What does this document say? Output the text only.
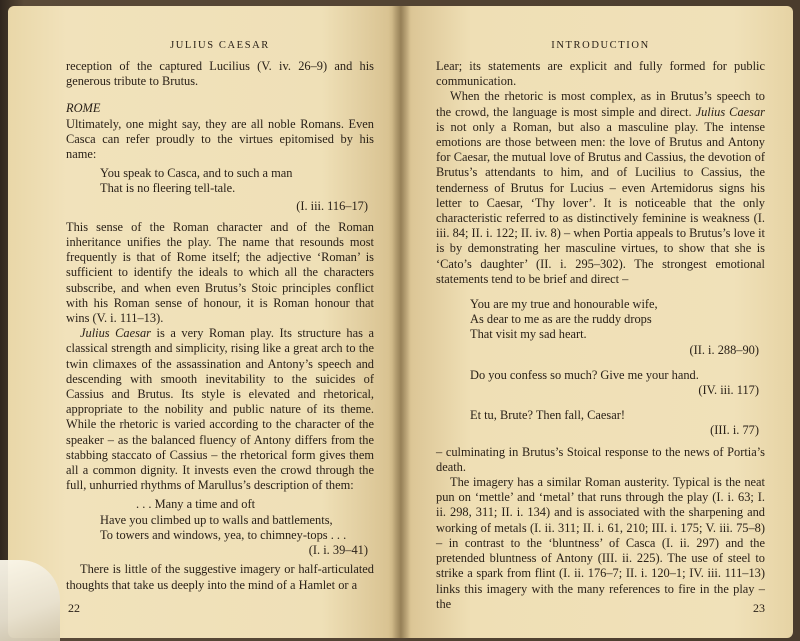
JULIUS CAESAR

reception of the captured Lucilius (V. iv. 26–9) and his generous tribute to Brutus.

ROME

Ultimately, one might say, they are all noble Romans. Even Casca can refer proudly to the virtues epitomised by his name:

You speak to Casca, and to such a man
That is no fleering tell-tale.
(I. iii. 116–17)

This sense of the Roman character and of the Roman inheritance unifies the play. The name that resounds most frequently is that of Rome itself; the adjective ‘Roman’ is sufficient to identify the ideals to which all the characters subscribe, and when even Brutus’s Stoic principles conflict with his Roman sense of honour, it is Roman honour that wins (V. i. 111–13).

Julius Caesar is a very Roman play. Its structure has a classical strength and simplicity, rising like a great arch to the twin climaxes of the assassination and Antony’s speech and descending with smooth inevitability to the suicides of Cassius and Brutus. Its style is elevated and rhetorical, appropriate to the nobility and public nature of its theme. While the rhetoric is varied according to the character of the speaker – as the balanced fluency of Antony differs from the stabbing staccato of Cassius – the rhetorical form gives them all a common dignity. It invests even the crowd through the full, unhurried rhythms of Marullus’s description of them:

. . . Many a time and oft
Have you climbed up to walls and battlements,
To towers and windows, yea, to chimney-tops . . .
(I. i. 39–41)

There is little of the suggestive imagery or half-articulated thoughts that take us deeply into the mind of a Hamlet or a

22
INTRODUCTION

Lear; its statements are explicit and fully formed for public communication.

When the rhetoric is most complex, as in Brutus’s speech to the crowd, the language is most simple and direct. Julius Caesar is not only a Roman, but also a masculine play. The intense emotions are those between men: the love of Brutus and Antony for Caesar, the mutual love of Brutus and Cassius, the devotion of Brutus’s attendants to him, and of Lucilius to Cassius, the tenderness of Brutus for Lucius – even Artemidorus signs his letter to Caesar, ‘Thy lover’. It is noticeable that the only characteristic referred to as distinctively feminine is weakness (I. iii. 84; II. i. 122; II. iv. 8) – when Portia appeals to Brutus’s love it is by demonstrating her masculine virtues, to show that she is ‘Cato’s daughter’ (II. i. 295–302). The strongest emotional statements tend to be brief and direct –

You are my true and honourable wife,
As dear to me as are the ruddy drops
That visit my sad heart.
(II. i. 288–90)
Do you confess so much? Give me your hand.
(IV. iii. 117)
Et tu, Brute? Then fall, Caesar!
(III. i. 77)

– culminating in Brutus’s Stoical response to the news of Portia’s death.

The imagery has a similar Roman austerity. Typical is the neat pun on ‘mettle’ and ‘metal’ that runs through the play (I. i. 63; I. ii. 298, 311; II. i. 134) and is associated with the sharpening and working of metals (I. ii. 311; II. i. 61, 210; III. i. 175; V. iii. 75–8) – in contrast to the ‘bluntness’ of Casca (I. ii. 297) and the pretended bluntness of Antony (III. ii. 225). The use of steel to strike a spark from flint (I. ii. 176–7; II. i. 120–1; IV. iii. 111–13) links this imagery with the many references to fire in the play – the	23
